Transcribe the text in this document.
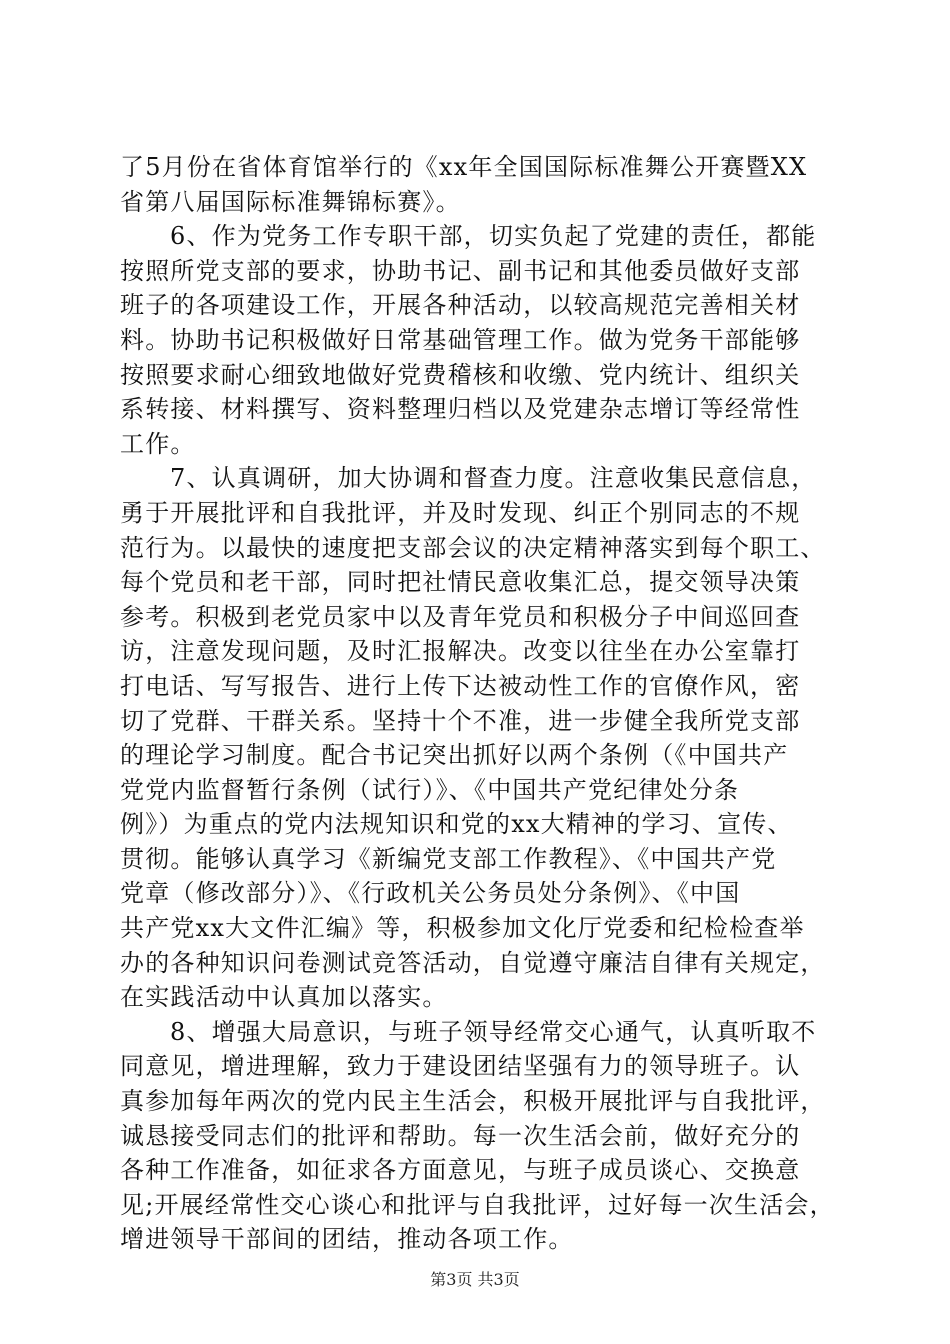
了5月份在省体育馆举行的《xx年全国国际标准舞公开赛暨XX
省第八届国际标准舞锦标赛》。
6、作为党务工作专职干部，切实负起了党建的责任，都能
按照所党支部的要求，协助书记、副书记和其他委员做好支部
班子的各项建设工作，开展各种活动，以较高规范完善相关材
料。协助书记积极做好日常基础管理工作。做为党务干部能够
按照要求耐心细致地做好党费稽核和收缴、党内统计、组织关
系转接、材料撰写、资料整理归档以及党建杂志增订等经常性
工作。
7、认真调研，加大协调和督查力度。注意收集民意信息，
勇于开展批评和自我批评，并及时发现、纠正个别同志的不规
范行为。以最快的速度把支部会议的决定精神落实到每个职工、
每个党员和老干部，同时把社情民意收集汇总，提交领导决策
参考。积极到老党员家中以及青年党员和积极分子中间巡回查
访，注意发现问题，及时汇报解决。改变以往坐在办公室靠打
打电话、写写报告、进行上传下达被动性工作的官僚作风，密
切了党群、干群关系。坚持十个不准，进一步健全我所党支部
的理论学习制度。配合书记突出抓好以两个条例（《中国共产
党党内监督暂行条例（试行）》、《中国共产党纪律处分条
例》）为重点的党内法规知识和党的xx大精神的学习、宣传、
贯彻。能够认真学习《新编党支部工作教程》、《中国共产党
党章（修改部分）》、《行政机关公务员处分条例》、《中国
共产党xx大文件汇编》等，积极参加文化厅党委和纪检检查举
办的各种知识问卷测试竞答活动，自觉遵守廉洁自律有关规定，
在实践活动中认真加以落实。
8、增强大局意识，与班子领导经常交心通气，认真听取不
同意见，增进理解，致力于建设团结坚强有力的领导班子。认
真参加每年两次的党内民主生活会，积极开展批评与自我批评，
诚恳接受同志们的批评和帮助。每一次生活会前，做好充分的
各种工作准备，如征求各方面意见，与班子成员谈心、交换意
见;开展经常性交心谈心和批评与自我批评，过好每一次生活会，
增进领导干部间的团结，推动各项工作。
第3页 共3页
